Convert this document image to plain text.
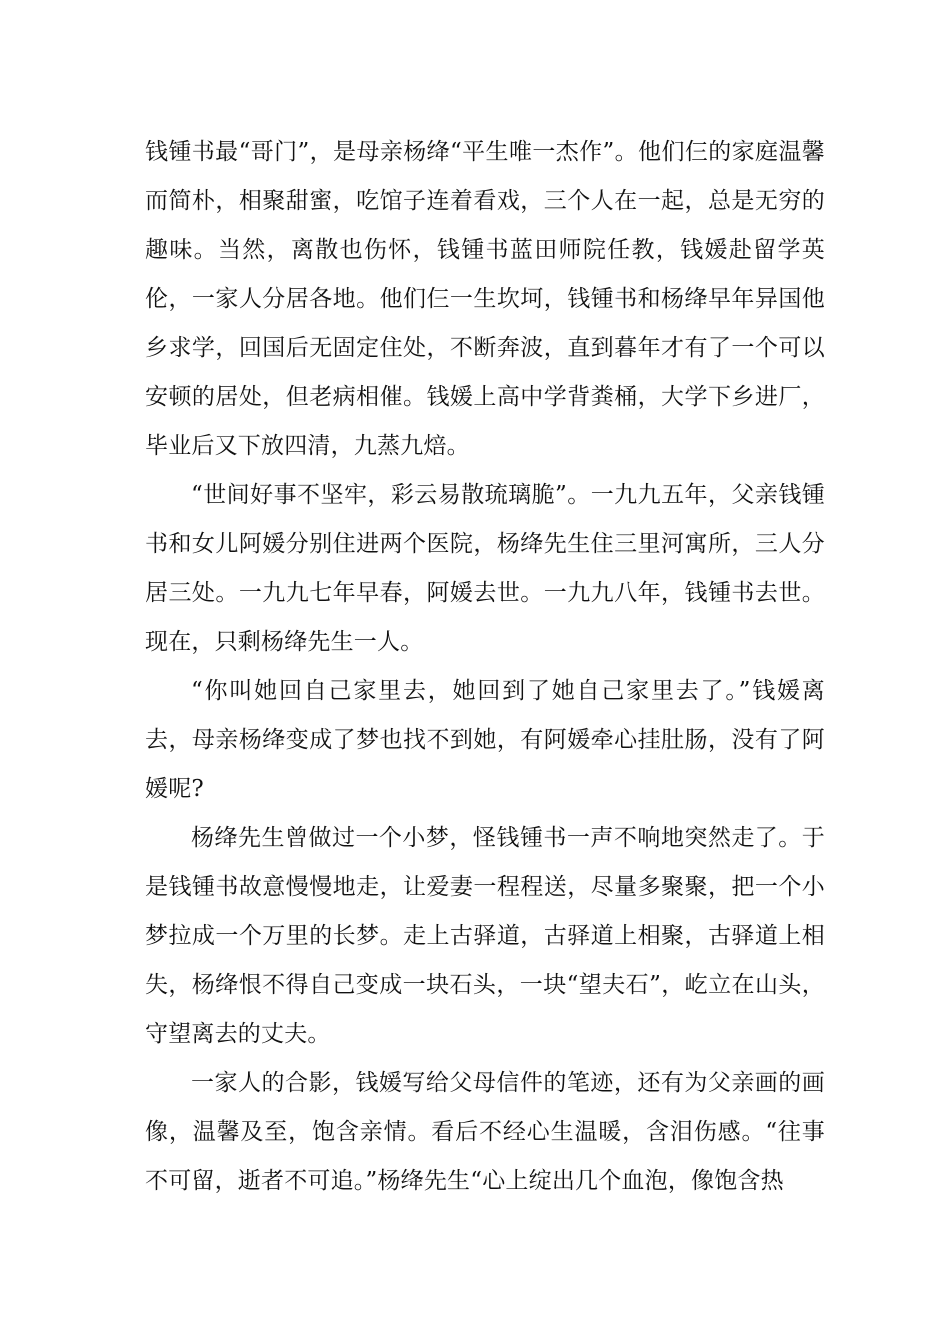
钱锺书最“哥门”，是母亲杨绛“平生唯一杰作”。他们仨的家庭温馨而简朴，相聚甜蜜，吃馆子连着看戏，三个人在一起，总是无穷的趣味。当然，离散也伤怀，钱锺书蓝田师院任教，钱媛赴留学英伦，一家人分居各地。他们仨一生坎坷，钱锺书和杨绛早年异国他乡求学，回国后无固定住处，不断奔波，直到暮年才有了一个可以安顿的居处，但老病相催。钱媛上高中学背粪桶，大学下乡进厂，毕业后又下放四清，九蒸九焙。

“世间好事不坚牢，彩云易散琉璃脆”。一九九五年，父亲钱锺书和女儿阿媛分别住进两个医院，杨绛先生住三里河寓所，三人分居三处。一九九七年早春，阿媛去世。一九九八年，钱锺书去世。现在，只剩杨绛先生一人。

“你叫她回自己家里去，她回到了她自己家里去了。”钱媛离去，母亲杨绛变成了梦也找不到她，有阿媛牵心挂肚肠，没有了阿媛呢?

杨绛先生曾做过一个小梦，怪钱锺书一声不响地突然走了。于是钱锺书故意慢慢地走，让爱妻一程程送，尽量多聚聚，把一个小梦拉成一个万里的长梦。走上古驿道，古驿道上相聚，古驿道上相失，杨绛恨不得自己变成一块石头，一块“望夫石”，屹立在山头，守望离去的丈夫。

一家人的合影，钱媛写给父母信件的笔迹，还有为父亲画的画像，温馨及至，饱含亲情。看后不经心生温暖，含泪伤感。“往事不可留，逝者不可追。”杨绛先生“心上绽出几个血泡，像饱含热
